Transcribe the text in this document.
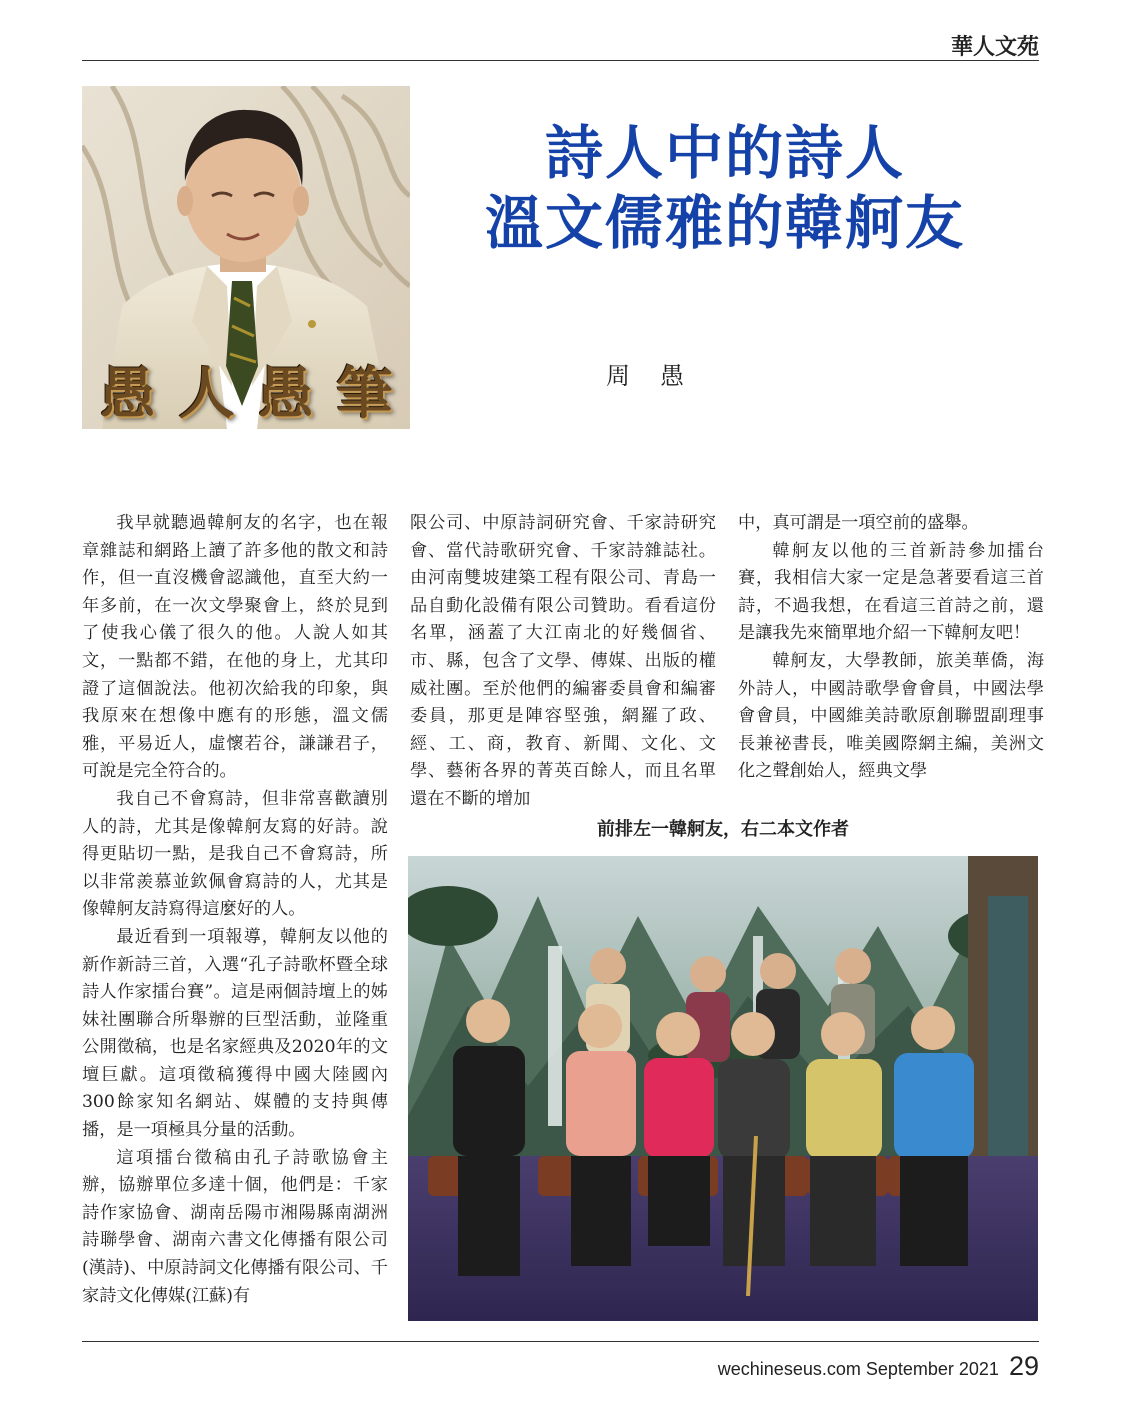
華人文苑
愚 人 愚 筆
詩人中的詩人
溫文儒雅的韓舸友
周愚

我早就聽過韓舸友的名字，也在報章雜誌和網路上讀了許多他的散文和詩作，但一直沒機會認識他，直至大約一年多前，在一次文學聚會上，終於見到了使我心儀了很久的他。人說人如其文，一點都不錯，在他的身上，尤其印證了這個說法。他初次給我的印象，與我原來在想像中應有的形態，溫文儒雅，平易近人，虛懷若谷，謙謙君子，可說是完全符合的。

我自己不會寫詩，但非常喜歡讀別人的詩，尤其是像韓舸友寫的好詩。說得更貼切一點，是我自己不會寫詩，所以非常羨慕並欽佩會寫詩的人，尤其是像韓舸友詩寫得這麼好的人。

最近看到一項報導，韓舸友以他的新作新詩三首，入選“孔子詩歌杯暨全球詩人作家擂台賽”。這是兩個詩壇上的姊妹社團聯合所舉辦的巨型活動，並隆重公開徵稿，也是名家經典及2020年的文壇巨獻。這項徵稿獲得中國大陸國內300餘家知名網站、媒體的支持與傳播，是一項極具分量的活動。

這項擂台徵稿由孔子詩歌協會主辦，協辦單位多達十個，他們是：千家詩作家協會、湖南岳陽市湘陽縣南湖洲詩聯學會、湖南六書文化傳播有限公司(漢詩)、中原詩詞文化傳播有限公司、千家詩文化傳媒(江蘇)有

限公司、中原詩詞研究會、千家詩研究會、當代詩歌研究會、千家詩雜誌社。由河南雙坡建築工程有限公司、青島一品自動化設備有限公司贊助。看看這份名單，涵蓋了大江南北的好幾個省、市、縣，包含了文學、傳媒、出版的權威社團。至於他們的編審委員會和編審委員，那更是陣容堅強，網羅了政、經、工、商，教育、新聞、文化、文學、藝術各界的菁英百餘人，而且名單還在不斷的增加

中，真可謂是一項空前的盛舉。

韓舸友以他的三首新詩參加擂台賽，我相信大家一定是急著要看這三首詩，不過我想，在看這三首詩之前，還是讓我先來簡單地介紹一下韓舸友吧！

韓舸友，大學教師，旅美華僑，海外詩人，中國詩歌學會會員，中國法學會會員，中國維美詩歌原創聯盟副理事長兼祕書長，唯美國際網主編，美洲文化之聲創始人，經典文學

前排左一韓舸友，右二本文作者
wechineseus.com September 2021 29
